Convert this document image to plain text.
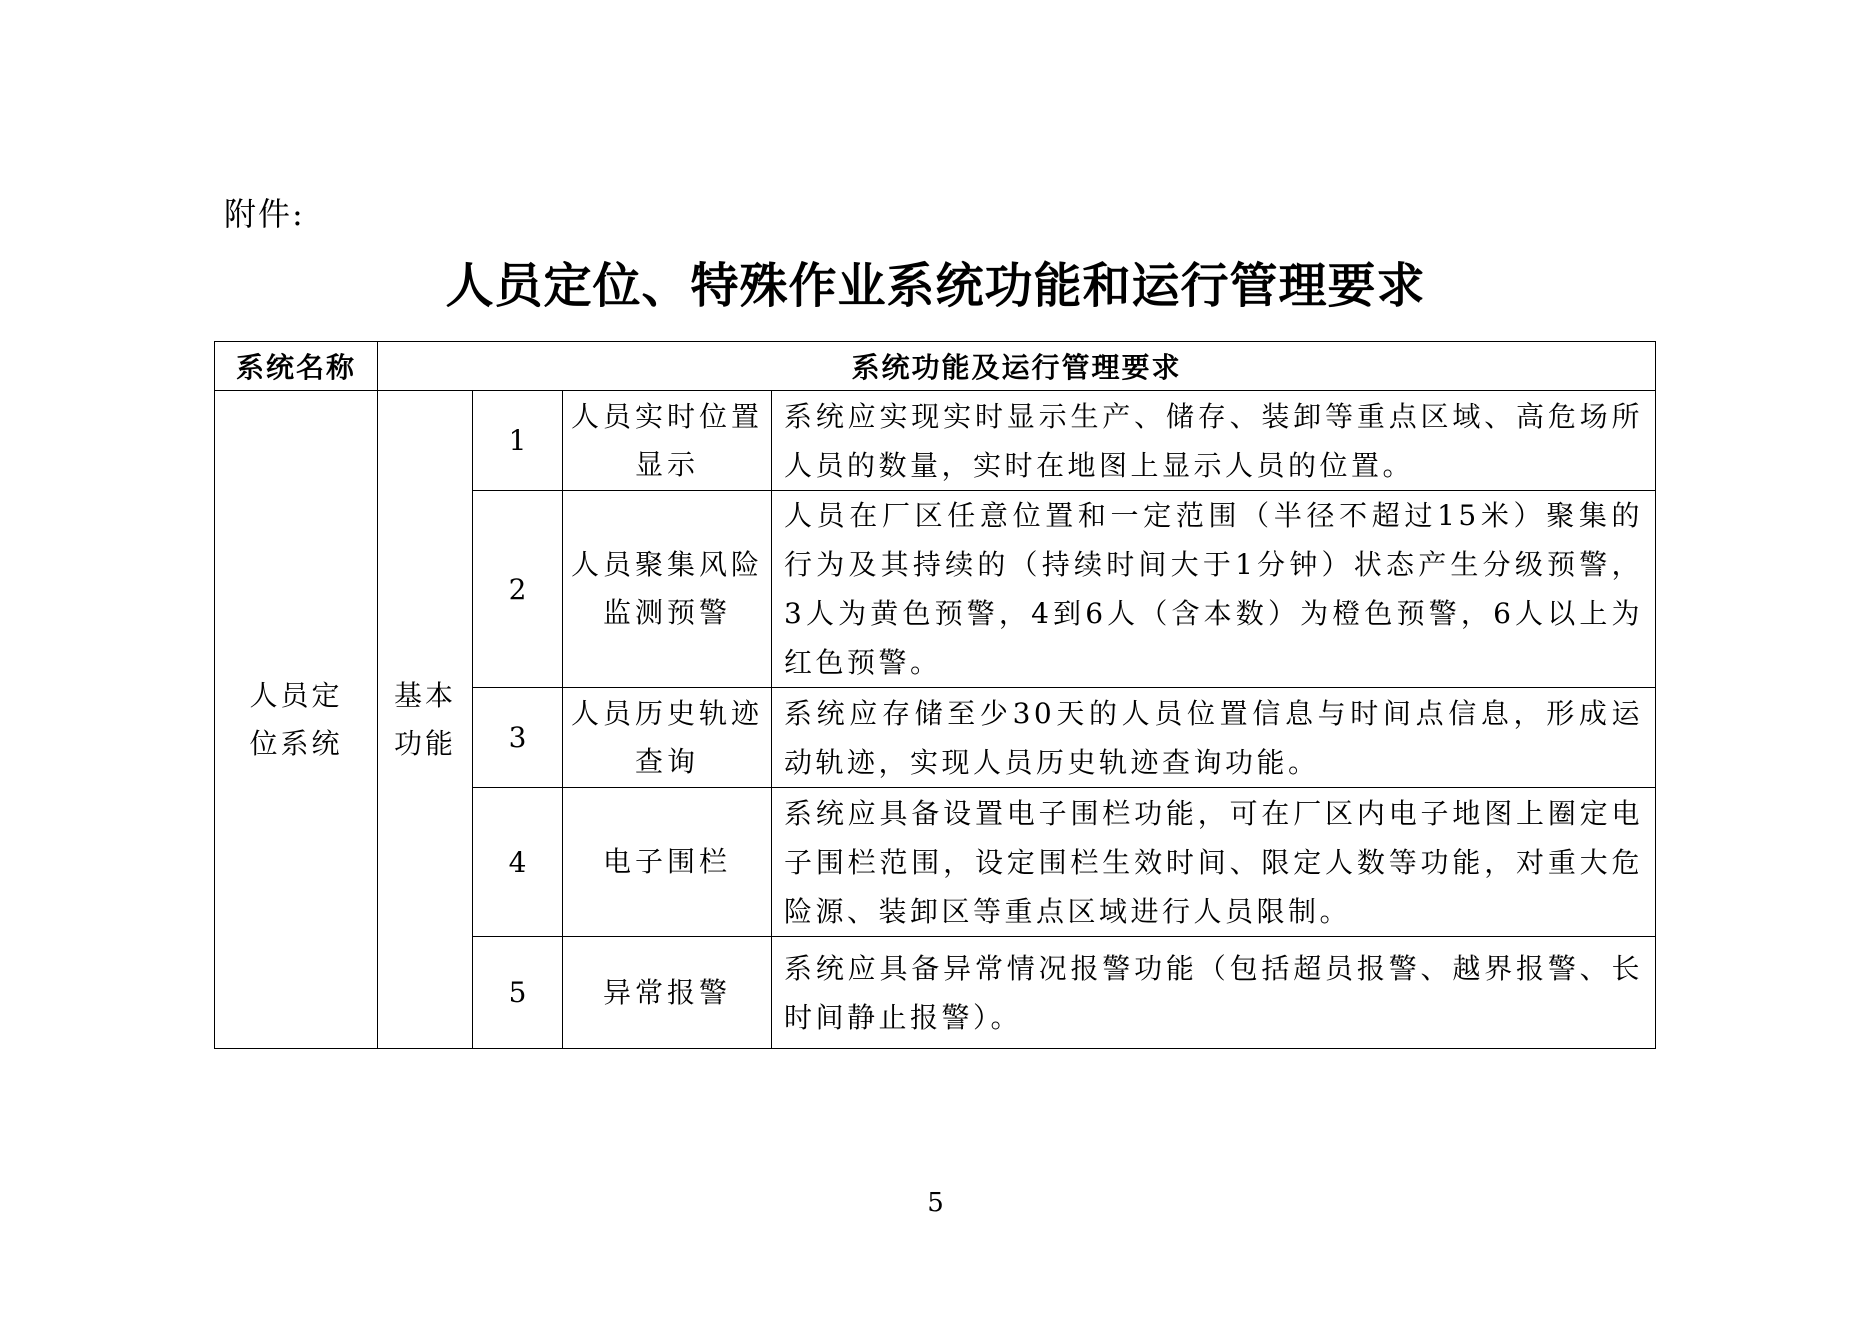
附件:
人员定位、特殊作业系统功能和运行管理要求
系统名称	系统功能及运行管理要求			
人员定位系统	基本功能	1	人员实时位置显示	系统应实现实时显示生产、储存、装卸等重点区域、高危场所人员的数量，实时在地图上显示人员的位置。
		2	人员聚集风险监测预警	人员在厂区任意位置和一定范围（半径不超过15米）聚集的行为及其持续的（持续时间大于1分钟）状态产生分级预警，3人为黄色预警，4到6人（含本数）为橙色预警，6人以上为红色预警。
		3	人员历史轨迹查询	系统应存储至少30天的人员位置信息与时间点信息，形成运动轨迹，实现人员历史轨迹查询功能。
		4	电子围栏	系统应具备设置电子围栏功能，可在厂区内电子地图上圈定电子围栏范围，设定围栏生效时间、限定人数等功能，对重大危险源、装卸区等重点区域进行人员限制。
		5	异常报警	系统应具备异常情况报警功能（包括超员报警、越界报警、长时间静止报警）。
5
